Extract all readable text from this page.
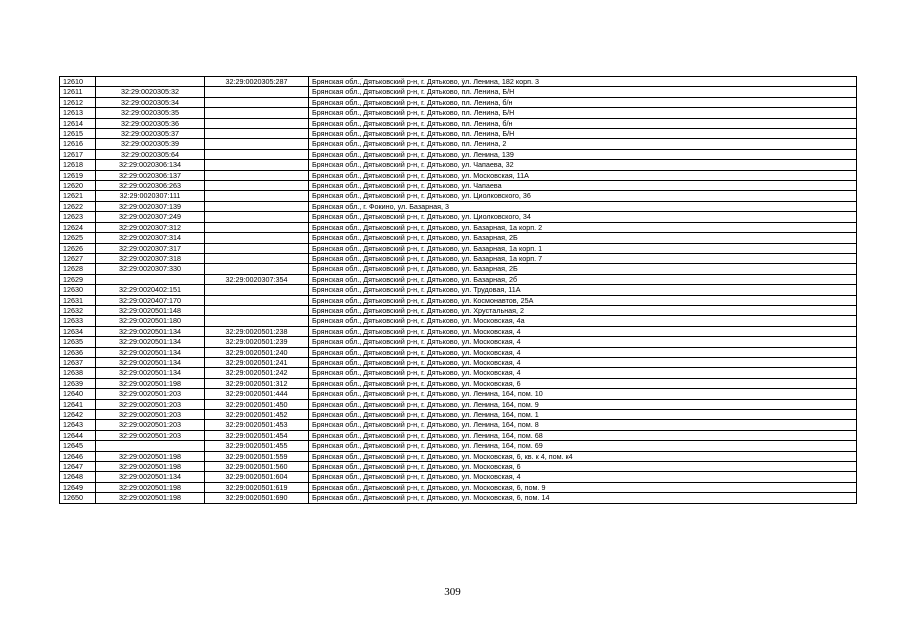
12610		32:29:0020305:287	Брянская обл., Дятьковский р-н, г. Дятьково, ул. Ленина, 182 корп. 3
12611	32:29:0020305:32		Брянская обл., Дятьковский р-н, г. Дятьково, пл. Ленина, Б/Н
12612	32:29:0020305:34		Брянская обл., Дятьковский р-н, г. Дятьково, пл. Ленина, б/н
12613	32:29:0020305:35		Брянская обл., Дятьковский р-н, г. Дятьково, пл. Ленина, Б/Н
12614	32:29:0020305:36		Брянская обл., Дятьковский р-н, г. Дятьково, пл. Ленина, б/н
12615	32:29:0020305:37		Брянская обл., Дятьковский р-н, г. Дятьково, пл. Ленина, Б/Н
12616	32:29:0020305:39		Брянская обл., Дятьковский р-н, г. Дятьково, пл. Ленина, 2
12617	32:29:0020305:64		Брянская обл., Дятьковский р-н, г. Дятьково, ул. Ленина, 139
12618	32:29:0020306:134		Брянская обл., Дятьковский р-н, г. Дятьково, ул. Чапаева, 32
12619	32:29:0020306:137		Брянская обл., Дятьковский р-н, г. Дятьково, ул. Московская, 11А
12620	32:29:0020306:263		Брянская обл., Дятьковский р-н, г. Дятьково, ул. Чапаева
12621	32:29:0020307:111		Брянская обл., Дятьковский р-н, г. Дятьково, ул. Циолковского, 36
12622	32:29:0020307:139		Брянская обл., г. Фокино, ул. Базарная, 3
12623	32:29:0020307:249		Брянская обл., Дятьковский р-н, г. Дятьково, ул. Циолковского, 34
12624	32:29:0020307:312		Брянская обл., Дятьковский р-н, г. Дятьково, ул. Базарная, 1а корп. 2
12625	32:29:0020307:314		Брянская обл., Дятьковский р-н, г. Дятьково, ул. Базарная, 2Б
12626	32:29:0020307:317		Брянская обл., Дятьковский р-н, г. Дятьково, ул. Базарная, 1а корп. 1
12627	32:29:0020307:318		Брянская обл., Дятьковский р-н, г. Дятьково, ул. Базарная, 1а корп. 7
12628	32:29:0020307:330		Брянская обл., Дятьковский р-н, г. Дятьково, ул. Базарная, 2Б
12629		32:29:0020307:354	Брянская обл., Дятьковский р-н, г. Дятьково, ул. Базарная, 2б
12630	32:29:0020402:151		Брянская обл., Дятьковский р-н, г. Дятьково, ул. Трудовая, 11А
12631	32:29:0020407:170		Брянская обл., Дятьковский р-н, г. Дятьково, ул. Космонавтов, 25А
12632	32:29:0020501:148		Брянская обл., Дятьковский р-н, г. Дятьково, ул. Хрустальная, 2
12633	32:29:0020501:180		Брянская обл., Дятьковский р-н, г. Дятьково, ул. Московская, 4а
12634	32:29:0020501:134	32:29:0020501:238	Брянская обл., Дятьковский р-н, г. Дятьково, ул. Московская, 4
12635	32:29:0020501:134	32:29:0020501:239	Брянская обл., Дятьковский р-н, г. Дятьково, ул. Московская, 4
12636	32:29:0020501:134	32:29:0020501:240	Брянская обл., Дятьковский р-н, г. Дятьково, ул. Московская, 4
12637	32:29:0020501:134	32:29:0020501:241	Брянская обл., Дятьковский р-н, г. Дятьково, ул. Московская, 4
12638	32:29:0020501:134	32:29:0020501:242	Брянская обл., Дятьковский р-н, г. Дятьково, ул. Московская, 4
12639	32:29:0020501:198	32:29:0020501:312	Брянская обл., Дятьковский р-н, г. Дятьково, ул. Московская, 6
12640	32:29:0020501:203	32:29:0020501:444	Брянская обл., Дятьковский р-н, г. Дятьково, ул. Ленина, 164, пом. 10
12641	32:29:0020501:203	32:29:0020501:450	Брянская обл., Дятьковский р-н, г. Дятьково, ул. Ленина, 164, пом. 9
12642	32:29:0020501:203	32:29:0020501:452	Брянская обл., Дятьковский р-н, г. Дятьково, ул. Ленина, 164, пом. 1
12643	32:29:0020501:203	32:29:0020501:453	Брянская обл., Дятьковский р-н, г. Дятьково, ул. Ленина, 164, пом. 8
12644	32:29:0020501:203	32:29:0020501:454	Брянская обл., Дятьковский р-н, г. Дятьково, ул. Ленина, 164, пом. 68
12645		32:29:0020501:455	Брянская обл., Дятьковский р-н, г. Дятьково, ул. Ленина, 164, пом. 69
12646	32:29:0020501:198	32:29:0020501:559	Брянская обл., Дятьковский р-н, г. Дятьково, ул. Московская, 6, кв. к 4, пом. к4
12647	32:29:0020501:198	32:29:0020501:560	Брянская обл., Дятьковский р-н, г. Дятьково, ул. Московская, 6
12648	32:29:0020501:134	32:29:0020501:604	Брянская обл., Дятьковский р-н, г. Дятьково, ул. Московская, 4
12649	32:29:0020501:198	32:29:0020501:619	Брянская обл., Дятьковский р-н, г. Дятьково, ул. Московская, 6, пом. 9
12650	32:29:0020501:198	32:29:0020501:690	Брянская обл., Дятьковский р-н, г. Дятьково, ул. Московская, 6, пом. 14
309
